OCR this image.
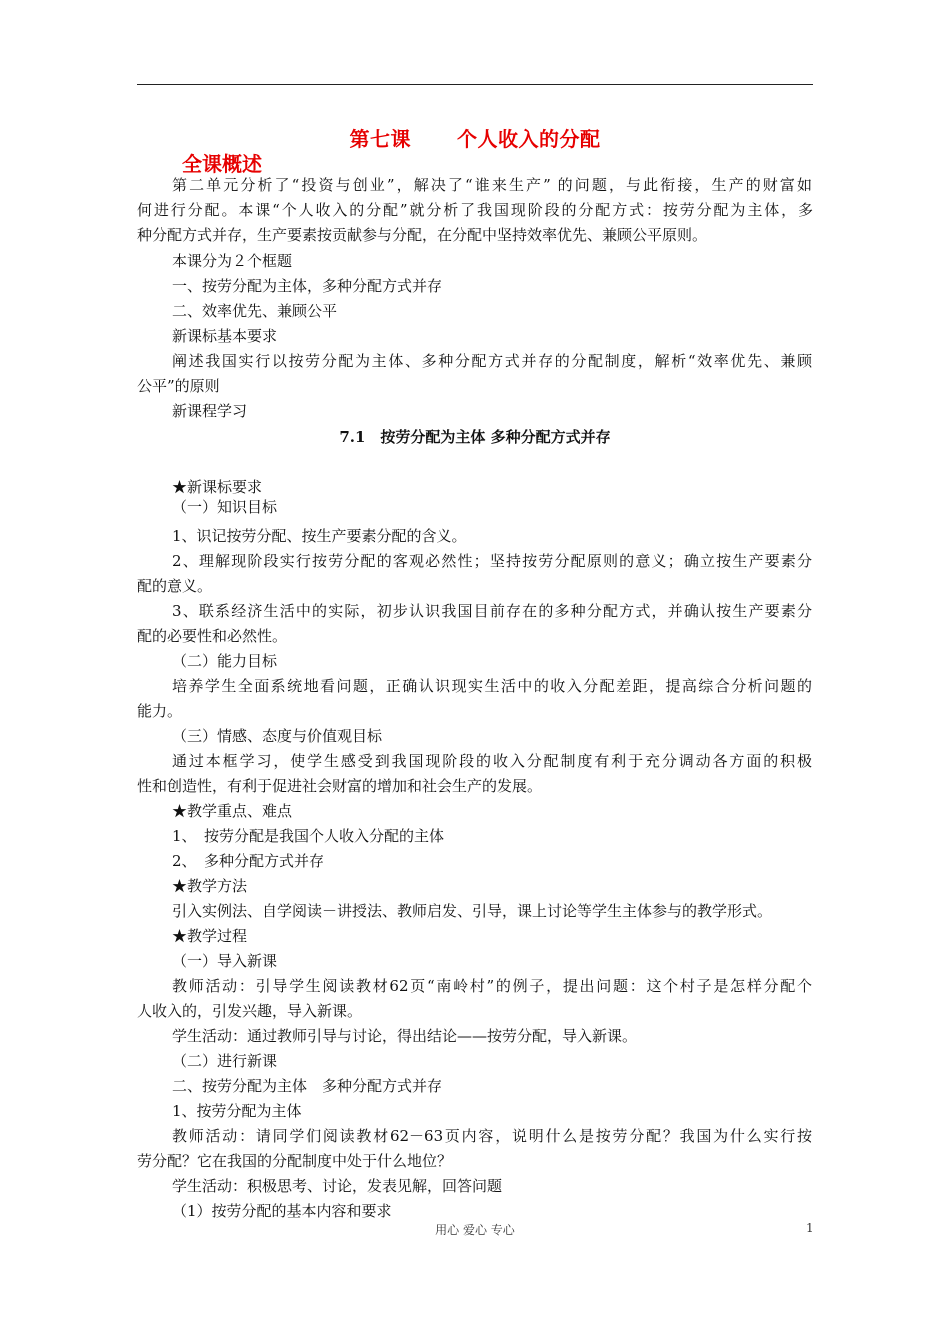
第七课 个人收入的分配
全课概述
第二单元分析了“投资与创业”，解决了“谁来生产” 的问题，与此衔接，生产的财富如
何进行分配。本课“个人收入的分配”就分析了我国现阶段的分配方式：按劳分配为主体，多
种分配方式并存，生产要素按贡献参与分配，在分配中坚持效率优先、兼顾公平原则。
本课分为２个框题
一、按劳分配为主体，多种分配方式并存
二、效率优先、兼顾公平
新课标基本要求
阐述我国实行以按劳分配为主体、多种分配方式并存的分配制度，解析“效率优先、兼顾
公平”的原则
新课程学习
7.1　按劳分配为主体 多种分配方式并存
★新课标要求
（一）知识目标
1、识记按劳分配、按生产要素分配的含义。
2、理解现阶段实行按劳分配的客观必然性；坚持按劳分配原则的意义；确立按生产要素分
配的意义。
3、联系经济生活中的实际，初步认识我国目前存在的多种分配方式，并确认按生产要素分
配的必要性和必然性。
（二）能力目标
培养学生全面系统地看问题，正确认识现实生活中的收入分配差距，提高综合分析问题的
能力。
（三）情感、态度与价值观目标
通过本框学习，使学生感受到我国现阶段的收入分配制度有利于充分调动各方面的积极
性和创造性，有利于促进社会财富的增加和社会生产的发展。
★教学重点、难点
1、　按劳分配是我国个人收入分配的主体
2、　多种分配方式并存
★教学方法
引入实例法、自学阅读－讲授法、教师启发、引导，课上讨论等学生主体参与的教学形式。
★教学过程
（一）导入新课
教师活动：引导学生阅读教材62页“南岭村”的例子，提出问题：这个村子是怎样分配个
人收入的，引发兴趣，导入新课。
学生活动：通过教师引导与讨论，得出结论——按劳分配，导入新课。
（二）进行新课
二、按劳分配为主体　多种分配方式并存
1、按劳分配为主体
教师活动：请同学们阅读教材62－63页内容，说明什么是按劳分配？我国为什么实行按
劳分配？它在我国的分配制度中处于什么地位？
学生活动：积极思考、讨论，发表见解，回答问题
（1）按劳分配的基本内容和要求
用心 爱心 专心	1
